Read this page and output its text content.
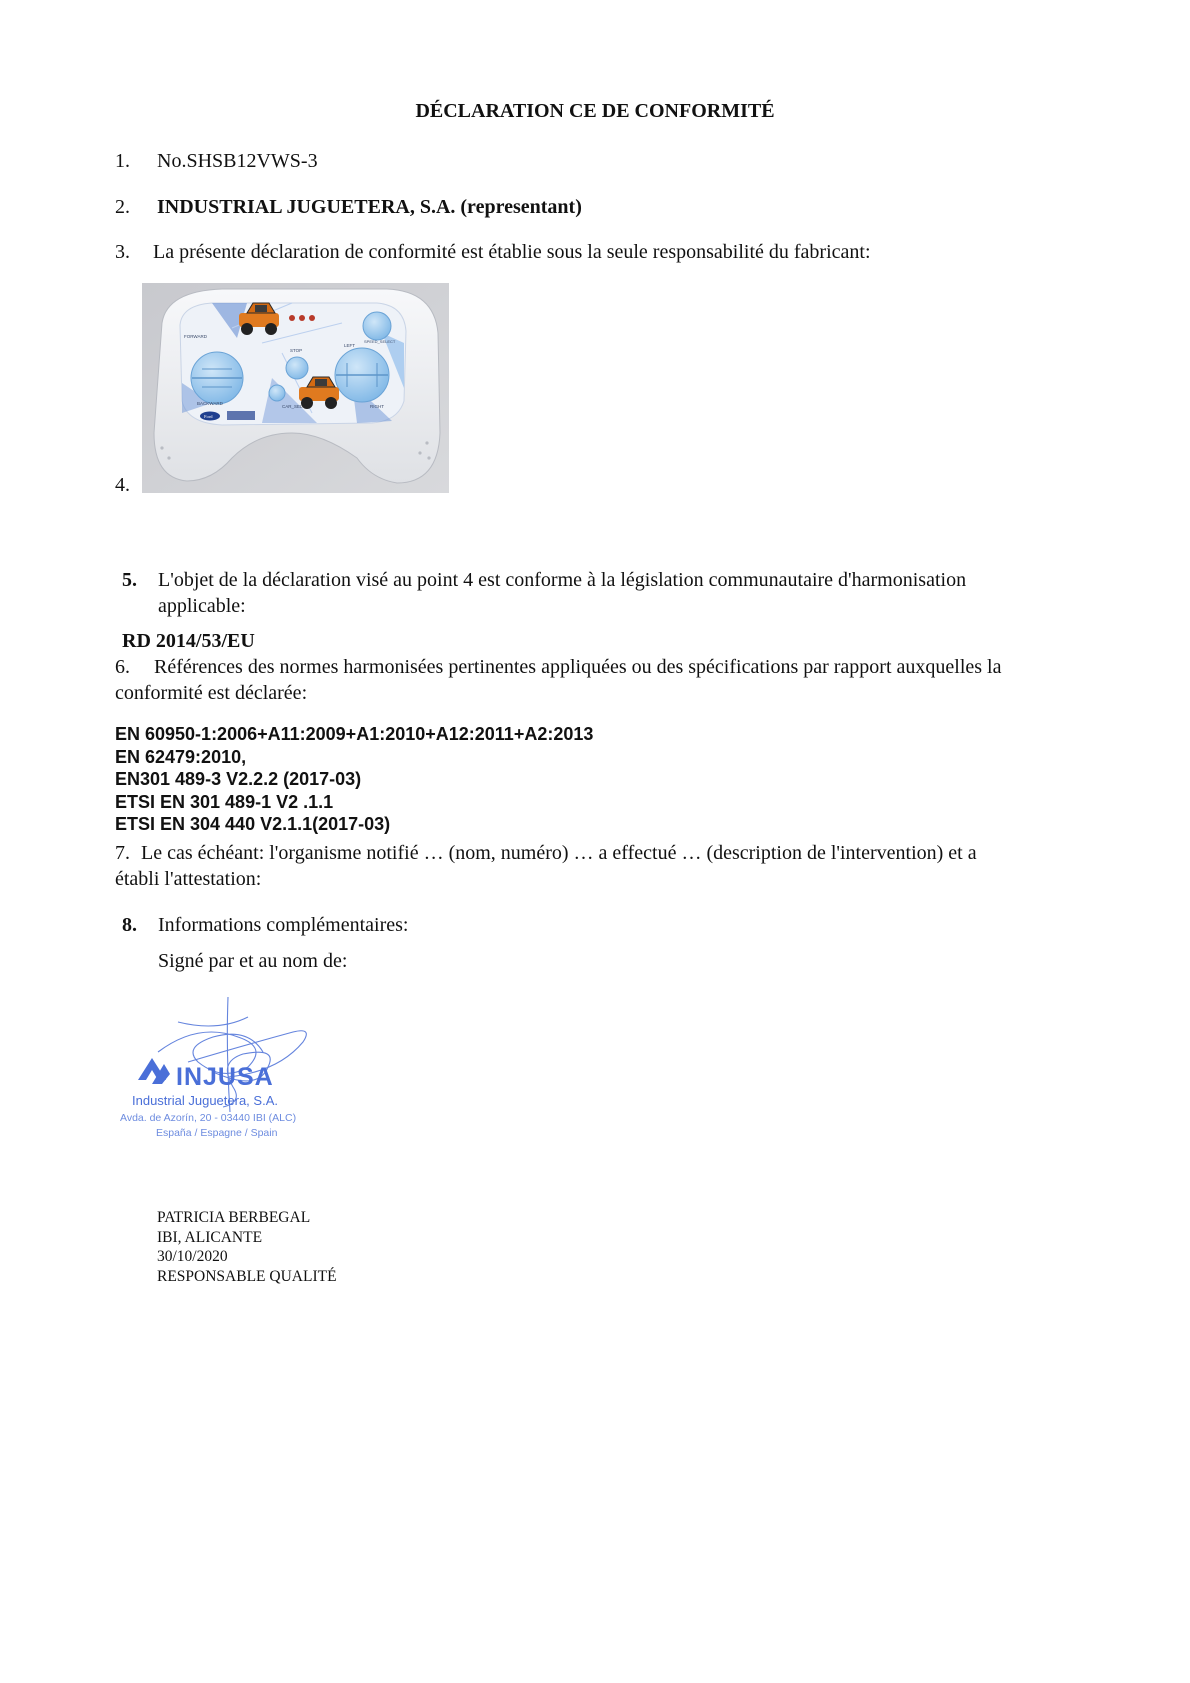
DÉCLARATION CE DE CONFORMITÉ
1. No.SHSB12VWS-3
2. INDUSTRIAL JUGUETERA, S.A. (representant)
3. La présente déclaration de conformité est établie sous la seule responsabilité du fabricant:
4.
FORWARD
BACKWARD
STOP
CAR_SEL
LEFT
RIGHT
SPEED_SELECT
Ford
5. L'objet de la déclaration visé au point 4 est conforme à la législation communautaire d'harmonisation
applicable:
RD 2014/53/EU
6. Références des normes harmonisées pertinentes appliquées ou des spécifications par rapport auxquelles la
conformité est déclarée:
EN 60950-1:2006+A11:2009+A1:2010+A12:2011+A2:2013
EN 62479:2010,
EN301 489-3 V2.2.2 (2017-03)
ETSI EN 301 489-1 V2 .1.1
ETSI EN 304 440 V2.1.1(2017-03)
7. Le cas échéant: l'organisme notifié … (nom, numéro) … a effectué … (description de l'intervention) et a
établi l'attestation:
8. Informations complémentaires:
Signé par et au nom de:
INJUSA
Industrial Juguetera, S.A.
Avda. de Azorín, 20 - 03440 IBI (ALC)
España / Espagne / Spain
PATRICIA BERBEGAL
IBI, ALICANTE
30/10/2020
RESPONSABLE QUALITÉ
